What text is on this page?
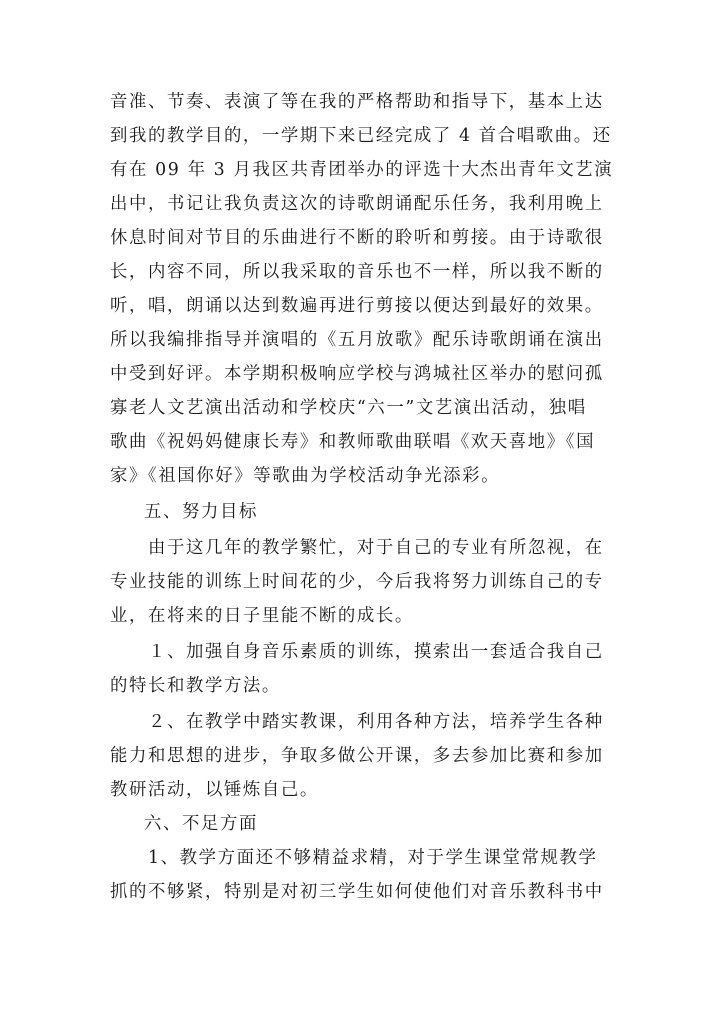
音准、节奏、表演了等在我的严格帮助和指导下，基本上达
到我的教学目的，一学期下来已经完成了 4 首合唱歌曲。还
有在 09 年 3 月我区共青团举办的评选十大杰出青年文艺演
出中，书记让我负责这次的诗歌朗诵配乐任务，我利用晚上
休息时间对节目的乐曲进行不断的聆听和剪接。由于诗歌很
长，内容不同，所以我采取的音乐也不一样，所以我不断的
听，唱，朗诵以达到数遍再进行剪接以便达到最好的效果。
所以我编排指导并演唱的《五月放歌》配乐诗歌朗诵在演出
中受到好评。本学期积极响应学校与鸿城社区举办的慰问孤
寡老人文艺演出活动和学校庆“六一”文艺演出活动，独唱
歌曲《祝妈妈健康长寿》和教师歌曲联唱《欢天喜地》《国
家》《祖国你好》等歌曲为学校活动争光添彩。
五、努力目标
由于这几年的教学繁忙，对于自己的专业有所忽视，在
专业技能的训练上时间花的少，今后我将努力训练自己的专
业，在将来的日子里能不断的成长。
１、加强自身音乐素质的训练，摸索出一套适合我自己
的特长和教学方法。
２、在教学中踏实教课，利用各种方法，培养学生各种
能力和思想的进步，争取多做公开课，多去参加比赛和参加
教研活动，以锤炼自己。
六、不足方面
1、教学方面还不够精益求精，对于学生课堂常规教学
抓的不够紧，特别是对初三学生如何使他们对音乐教科书中
